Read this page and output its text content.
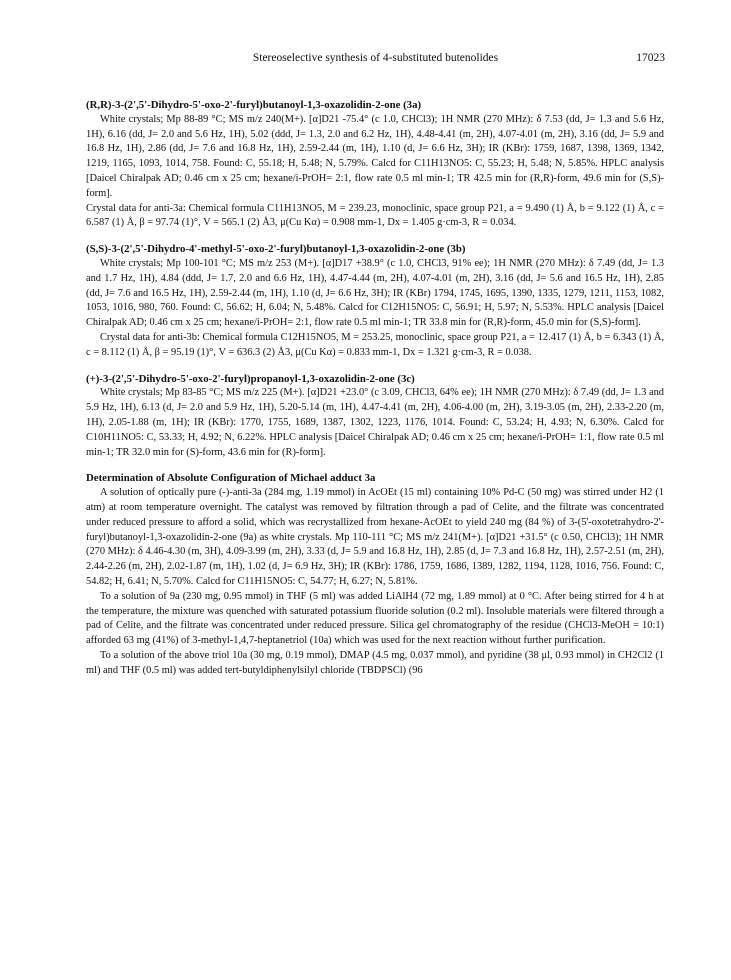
Stereoselective synthesis of 4-substituted butenolides	17023

(R,R)-3-(2',5'-Dihydro-5'-oxo-2'-furyl)butanoyl-1,3-oxazolidin-2-one (3a)

White crystals; Mp 88-89 °C; MS m/z 240(M+). [α]D21 -75.4° (c 1.0, CHCl3); 1H NMR (270 MHz): δ 7.53 (dd, J= 1.3 and 5.6 Hz, 1H), 6.16 (dd, J= 2.0 and 5.6 Hz, 1H), 5.02 (ddd, J= 1.3, 2.0 and 6.2 Hz, 1H), 4.48-4.41 (m, 2H), 4.07-4.01 (m, 2H), 3.16 (dd, J= 5.9 and 16.8 Hz, 1H), 2.86 (dd, J= 7.6 and 16.8 Hz, 1H), 2.59-2.44 (m, 1H), 1.10 (d, J= 6.6 Hz, 3H); IR (KBr): 1759, 1687, 1398, 1369, 1342, 1219, 1165, 1093, 1014, 758. Found: C, 55.18; H, 5.48; N, 5.79%. Calcd for C11H13NO5: C, 55.23; H, 5.48; N, 5.85%. HPLC analysis [Daicel Chiralpak AD; 0.46 cm x 25 cm; hexane/i-PrOH= 2:1, flow rate 0.5 ml min-1; TR 42.5 min for (R,R)-form, 49.6 min for (S,S)-form].

Crystal data for anti-3a: Chemical formula C11H13NO5, M = 239.23, monoclinic, space group P21, a = 9.490 (1) Å, b = 9.122 (1) Å, c = 6.587 (1) Å, β = 97.74 (1)°, V = 565.1 (2) Å3, μ(Cu Kα) = 0.908 mm-1, Dx = 1.405 g·cm-3, R = 0.034.

(S,S)-3-(2',5'-Dihydro-4'-methyl-5'-oxo-2'-furyl)butanoyl-1,3-oxazolidin-2-one (3b)

White crystals; Mp 100-101 °C; MS m/z 253 (M+). [α]D17 +38.9° (c 1.0, CHCl3, 91% ee); 1H NMR (270 MHz): δ 7.49 (dd, J= 1.3 and 1.7 Hz, 1H), 4.84 (ddd, J= 1.7, 2.0 and 6.6 Hz, 1H), 4.47-4.44 (m, 2H), 4.07-4.01 (m, 2H), 3.16 (dd, J= 5.6 and 16.5 Hz, 1H), 2.85 (dd, J= 7.6 and 16.5 Hz, 1H), 2.59-2.44 (m, 1H), 1.10 (d, J= 6.6 Hz, 3H); IR (KBr) 1794, 1745, 1695, 1390, 1335, 1279, 1211, 1153, 1082, 1053, 1016, 980, 760. Found: C, 56.62; H, 6.04; N, 5.48%. Calcd for C12H15NO5: C, 56.91; H, 5.97; N, 5.53%. HPLC analysis [Daicel Chiralpak AD; 0.46 cm x 25 cm; hexane/i-PrOH= 2:1, flow rate 0.5 ml min-1; TR 33.8 min for (R,R)-form, 45.0 min for (S,S)-form].

Crystal data for anti-3b: Chemical formula C12H15NO5, M = 253.25, monoclinic, space group P21, a = 12.417 (1) Å, b = 6.343 (1) Å, c = 8.112 (1) Å, β = 95.19 (1)°, V = 636.3 (2) Å3, μ(Cu Kα) = 0.833 mm-1, Dx = 1.321 g·cm-3, R = 0.038.

(+)-3-(2',5'-Dihydro-5'-oxo-2'-furyl)propanoyl-1,3-oxazolidin-2-one (3c)

White crystals; Mp 83-85 °C; MS m/z 225 (M+). [α]D21 +23.0° (c 3.09, CHCl3, 64% ee); 1H NMR (270 MHz): δ 7.49 (dd, J= 1.3 and 5.9 Hz, 1H), 6.13 (d, J= 2.0 and 5.9 Hz, 1H), 5.20-5.14 (m, 1H), 4.47-4.41 (m, 2H), 4.06-4.00 (m, 2H), 3.19-3.05 (m, 2H), 2.33-2.20 (m, 1H), 2.05-1.88 (m, 1H); IR (KBr): 1770, 1755, 1689, 1387, 1302, 1223, 1176, 1014. Found: C, 53.24; H, 4.93; N, 6.30%. Calcd for C10H11NO5: C, 53.33; H, 4.92; N, 6.22%. HPLC analysis [Daicel Chiralpak AD; 0.46 cm x 25 cm; hexane/i-PrOH= 1:1, flow rate 0.5 ml min-1; TR 32.0 min for (S)-form, 43.6 min for (R)-form].

Determination of Absolute Configuration of Michael adduct 3a

A solution of optically pure (-)-anti-3a (284 mg, 1.19 mmol) in AcOEt (15 ml) containing 10% Pd-C (50 mg) was stirred under H2 (1 atm) at room temperature overnight. The catalyst was removed by filtration through a pad of Celite, and the filtrate was concentrated under reduced pressure to afford a solid, which was recrystallized from hexane-AcOEt to yield 240 mg (84 %) of 3-(5'-oxotetrahydro-2'-furyl)butanoyl-1,3-oxazolidin-2-one (9a) as white crystals. Mp 110-111 °C; MS m/z 241(M+). [α]D21 +31.5° (c 0.50, CHCl3); 1H NMR (270 MHz): δ 4.46-4.30 (m, 3H), 4.09-3.99 (m, 2H), 3.33 (d, J= 5.9 and 16.8 Hz, 1H), 2.85 (d, J= 7.3 and 16.8 Hz, 1H), 2.57-2.51 (m, 2H), 2.44-2.26 (m, 2H), 2.02-1.87 (m, 1H), 1.02 (d, J= 6.9 Hz, 3H); IR (KBr): 1786, 1759, 1686, 1389, 1282, 1194, 1128, 1016, 756. Found: C, 54.82; H, 6.41; N, 5.70%. Calcd for C11H15NO5: C, 54.77; H, 6.27; N, 5.81%.

To a solution of 9a (230 mg, 0.95 mmol) in THF (5 ml) was added LiAlH4 (72 mg, 1.89 mmol) at 0 °C. After being stirred for 4 h at the temperature, the mixture was quenched with saturated potassium fluoride solution (0.2 ml). Insoluble materials were filtered through a pad of Celite, and the filtrate was concentrated under reduced pressure. Silica gel chromatography of the residue (CHCl3-MeOH = 10:1) afforded 63 mg (41%) of 3-methyl-1,4,7-heptanetriol (10a) which was used for the next reaction without further purification.

To a solution of the above triol 10a (30 mg, 0.19 mmol), DMAP (4.5 mg, 0.037 mmol), and pyridine (38 μl, 0.93 mmol) in CH2Cl2 (1 ml) and THF (0.5 ml) was added tert-butyldiphenylsilyl chloride (TBDPSCl) (96
